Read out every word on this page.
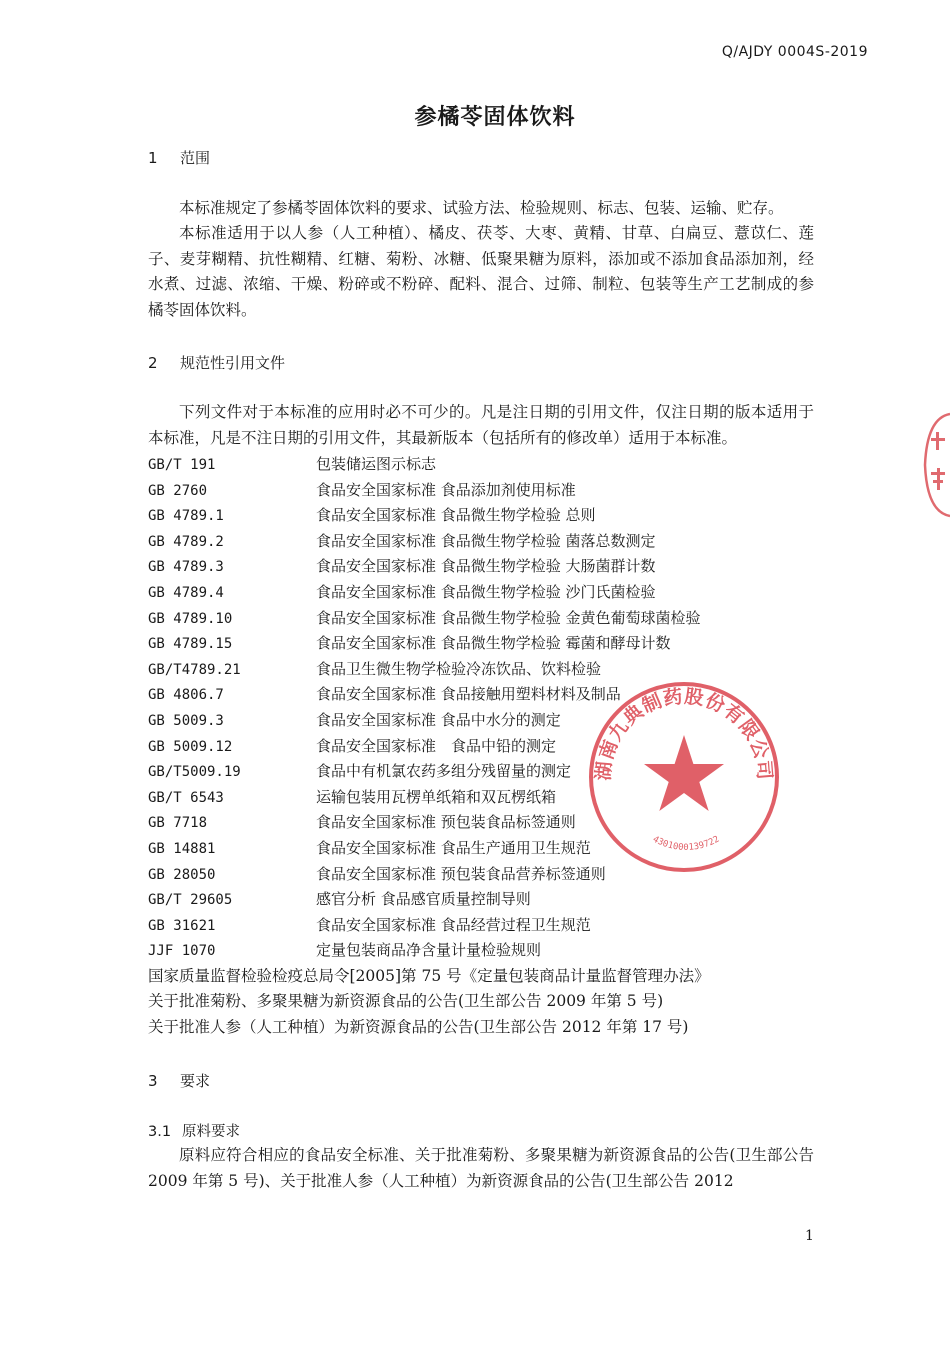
Q/AJDY 0004S-2019
参橘苓固体饮料
1 范围
本标准规定了参橘苓固体饮料的要求、试验方法、检验规则、标志、包装、运输、贮存。
本标准适用于以人参（人工种植）、橘皮、茯苓、大枣、黄精、甘草、白扁豆、薏苡仁、莲子、麦芽糊精、抗性糊精、红糖、菊粉、冰糖、低聚果糖为原料，添加或不添加食品添加剂，经水煮、过滤、浓缩、干燥、粉碎或不粉碎、配料、混合、过筛、制粒、包装等生产工艺制成的参橘苓固体饮料。
2 规范性引用文件
下列文件对于本标准的应用时必不可少的。凡是注日期的引用文件，仅注日期的版本适用于本标准，凡是不注日期的引用文件，其最新版本（包括所有的修改单）适用于本标准。
GB/T 191	包装储运图示标志
GB 2760	食品安全国家标准 食品添加剂使用标准
GB 4789.1	食品安全国家标准 食品微生物学检验 总则
GB 4789.2	食品安全国家标准 食品微生物学检验 菌落总数测定
GB 4789.3	食品安全国家标准 食品微生物学检验 大肠菌群计数
GB 4789.4	食品安全国家标准 食品微生物学检验 沙门氏菌检验
GB 4789.10	食品安全国家标准 食品微生物学检验 金黄色葡萄球菌检验
GB 4789.15	食品安全国家标准 食品微生物学检验 霉菌和酵母计数
GB/T4789.21	食品卫生微生物学检验冷冻饮品、饮料检验
GB 4806.7	食品安全国家标准 食品接触用塑料材料及制品
GB 5009.3	食品安全国家标准 食品中水分的测定
GB 5009.12	食品安全国家标准　食品中铅的测定
GB/T5009.19	食品中有机氯农药多组分残留量的测定
GB/T 6543	运输包装用瓦楞单纸箱和双瓦楞纸箱
GB 7718	食品安全国家标准 预包装食品标签通则
GB 14881	食品安全国家标准 食品生产通用卫生规范
GB 28050	食品安全国家标准 预包装食品营养标签通则
GB/T 29605	感官分析 食品感官质量控制导则
GB 31621	食品安全国家标准 食品经营过程卫生规范
JJF 1070	定量包装商品净含量计量检验规则
国家质量监督检验检疫总局令[2005]第 75 号《定量包装商品计量监督管理办法》
关于批准菊粉、多聚果糖为新资源食品的公告(卫生部公告 2009 年第 5 号)
关于批准人参（人工种植）为新资源食品的公告(卫生部公告 2012 年第 17 号)
3 要求
3.1 原料要求
原料应符合相应的食品安全标准、关于批准菊粉、多聚果糖为新资源食品的公告(卫生部公告 2009 年第 5 号)、关于批准人参（人工种植）为新资源食品的公告(卫生部公告 2012
1
湖南九典制药股份有限公司
4301000139722
